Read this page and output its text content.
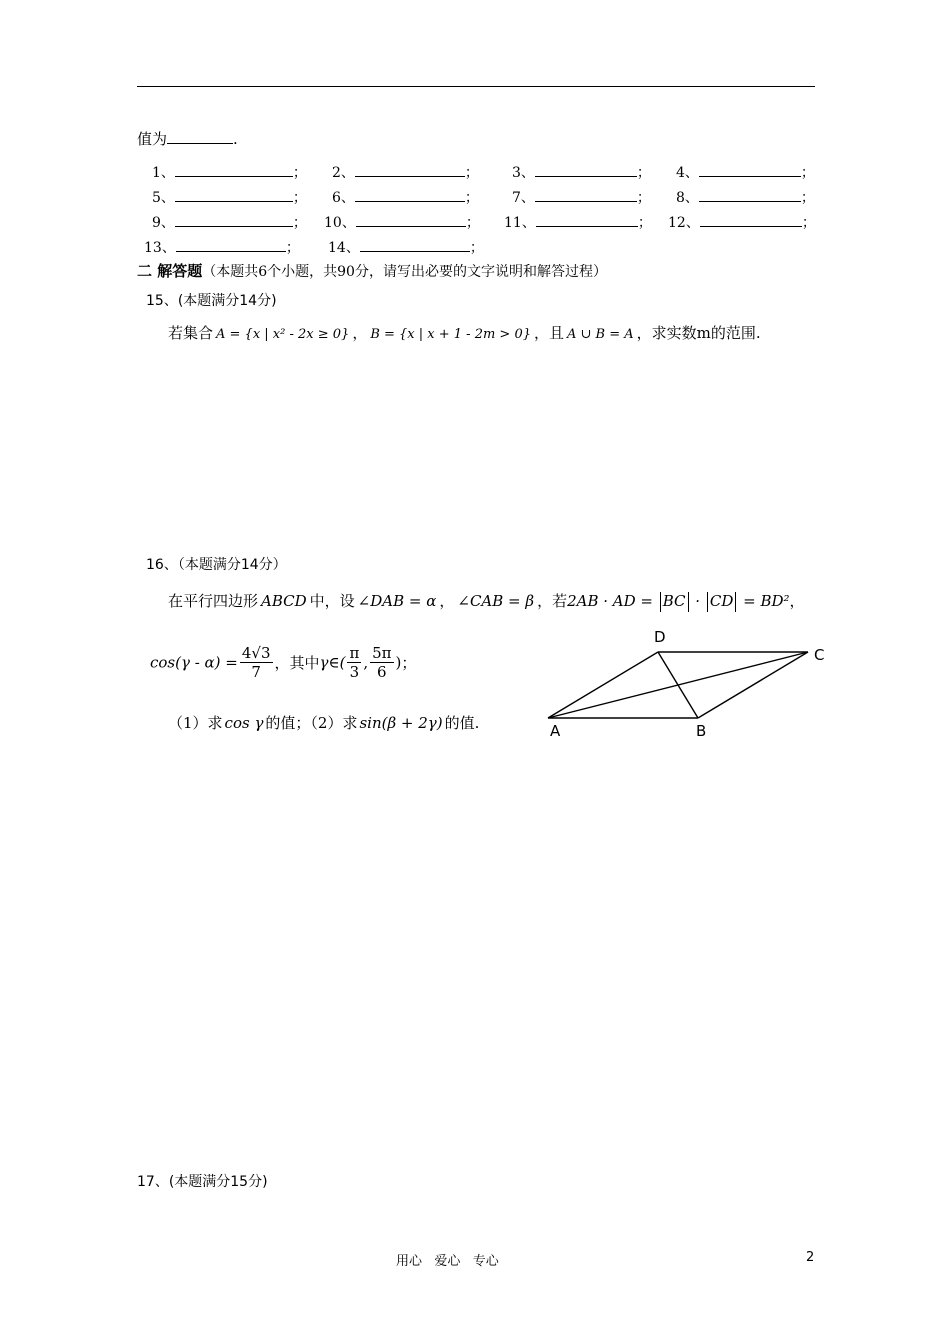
值为	.
1、	； 2、	； 3、	； 4、	；
5、	； 6、	； 7、	； 8、	；
9、	； 10、	； 11、	； 12、	；
13、	； 14、	；
二 解答题（本题共6个小题，共90分，请写出必要的文字说明和解答过程）
15、(本题满分14分)
若集合 A = {x | x² - 2x ≥ 0} ， B = {x | x + 1 - 2m > 0} ，且 A ∪ B = A ，求实数m的范围.
16、（本题满分14分）
在平行四边形 ABCD 中，设 ∠DAB = α ， ∠CAB = β ，若2AB · AD = BC · CD = BD²，
$\cos(\gamma - \alpha) = \frac{4√3}{7}$ ，其中γ∈( $\frac{\pi}{3}$ , $\frac{5\pi}{6}$ )；
（1）求 cos γ 的值；（2）求 sin(β + 2γ) 的值.	A	B
C
D
17、(本题满分15分)
用心   爱心   专心	2
